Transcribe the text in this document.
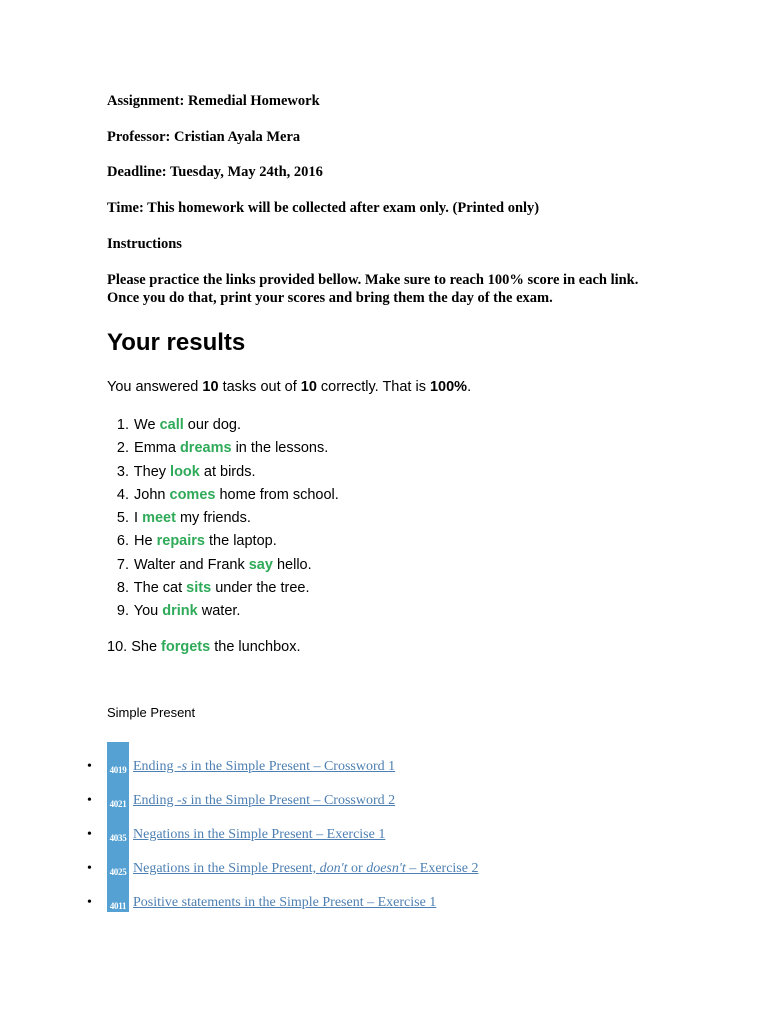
Assignment: Remedial Homework
Professor: Cristian Ayala Mera
Deadline: Tuesday, May 24th, 2016
Time: This homework will be collected after exam only. (Printed only)
Instructions
Please practice the links provided bellow. Make sure to reach 100% score in each link.
Once you do that, print your scores and bring them the day of the exam.
Your results
You answered 10 tasks out of 10 correctly. That is 100%.
1. We call our dog.
2. Emma dreams in the lessons.
3. They look at birds.
4. John comes home from school.
5. I meet my friends.
6. He repairs the laptop.
7. Walter and Frank say hello.
8. The cat sits under the tree.
9. You drink water.
10. She forgets the lunchbox.
Simple Present
• 4019 Ending -s in the Simple Present – Crossword 1
• 4021 Ending -s in the Simple Present – Crossword 2
• 4035 Negations in the Simple Present – Exercise 1
• 4025 Negations in the Simple Present, don't or doesn't – Exercise 2
•	4011 Positive statements in the Simple Present – Exercise 1
